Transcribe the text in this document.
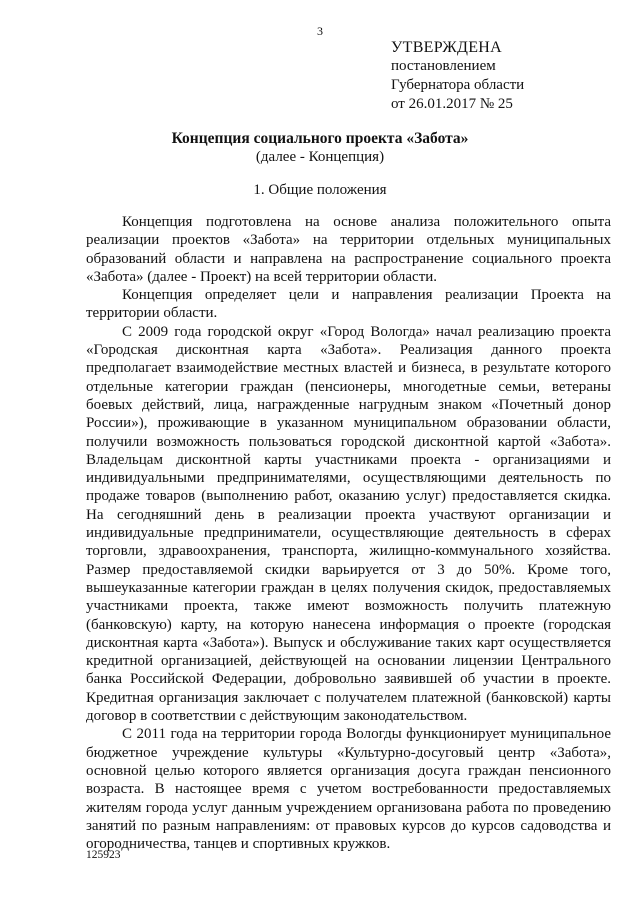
3
УТВЕРЖДЕНА
постановлением
Губернатора области
от 26.01.2017 № 25
Концепция социального проекта «Забота»
(далее - Концепция)
1. Общие положения

Концепция подготовлена на основе анализа положительного опыта реализации проектов «Забота» на территории отдельных муниципальных образований области и направлена на распространение социального проекта «Забота» (далее - Проект) на всей территории области.

Концепция определяет цели и направления реализации Проекта на территории области.

С 2009 года городской округ «Город Вологда» начал реализацию проекта «Городская дисконтная карта «Забота». Реализация данного проекта предполагает взаимодействие местных властей и бизнеса, в результате которого отдельные категории граждан (пенсионеры, многодетные семьи, ветераны боевых действий, лица, награжденные нагрудным знаком «Почетный донор России»), проживающие в указанном муниципальном образовании области, получили возможность пользоваться городской дисконтной картой «Забота». Владельцам дисконтной карты участниками проекта - организациями и индивидуальными предпринимателями, осуществляющими деятельность по продаже товаров (выполнению работ, оказанию услуг) предоставляется скидка. На сегодняшний день в реализации проекта участвуют организации и индивидуальные предприниматели, осуществляющие деятельность в сферах торговли, здравоохранения, транспорта, жилищно-коммунального хозяйства. Размер предоставляемой скидки варьируется от 3 до 50%. Кроме того, вышеуказанные категории граждан в целях получения скидок, предоставляемых участниками проекта, также имеют возможность получить платежную (банковскую) карту, на которую нанесена информация о проекте (городская дисконтная карта «Забота»). Выпуск и обслуживание таких карт осуществляется кредитной организацией, действующей на основании лицензии Центрального банка Российской Федерации, добровольно заявившей об участии в проекте. Кредитная организация заключает с получателем платежной (банковской) карты договор в соответствии с действующим законодательством.

С 2011 года на территории города Вологды функционирует муниципальное бюджетное учреждение культуры «Культурно-досуговый центр «Забота», основной целью которого является организация досуга граждан пенсионного возраста. В настоящее время с учетом востребованности предоставляемых жителям города услуг данным учреждением организована работа по проведению занятий по разным направлениям: от правовых курсов до курсов садоводства и огородничества, танцев и спортивных кружков.

125923
